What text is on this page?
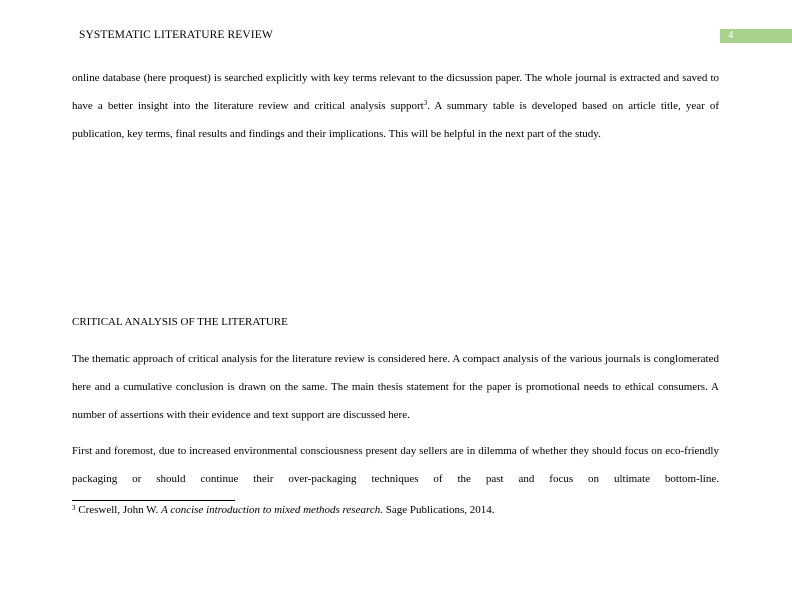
SYSTEMATIC LITERATURE REVIEW	4

online database (here proquest) is searched explicitly with key terms relevant to the dicsussion paper. The whole journal is extracted and saved to have a better insight into the literature review and critical analysis support$^3$. A summary table is developed based on article title, year of publication, key terms, final results and findings and their implications. This will be helpful in the next part of the study.

CRITICAL ANALYSIS OF THE LITERATURE

The thematic approach of critical analysis for the literature review is considered here. A compact analysis of the various journals is conglomerated here and a cumulative conclusion is drawn on the same. The main thesis statement for the paper is promotional needs to ethical consumers. A number of assertions with their evidence and text support are discussed here.

First and foremost, due to increased environmental consciousness present day sellers are in dilemma of whether they should focus on eco-friendly packaging or should continue their over-packaging techniques of the past and focus on ultimate bottom-line.

$^3$ Creswell, John W. A concise introduction to mixed methods research. Sage Publications, 2014.
